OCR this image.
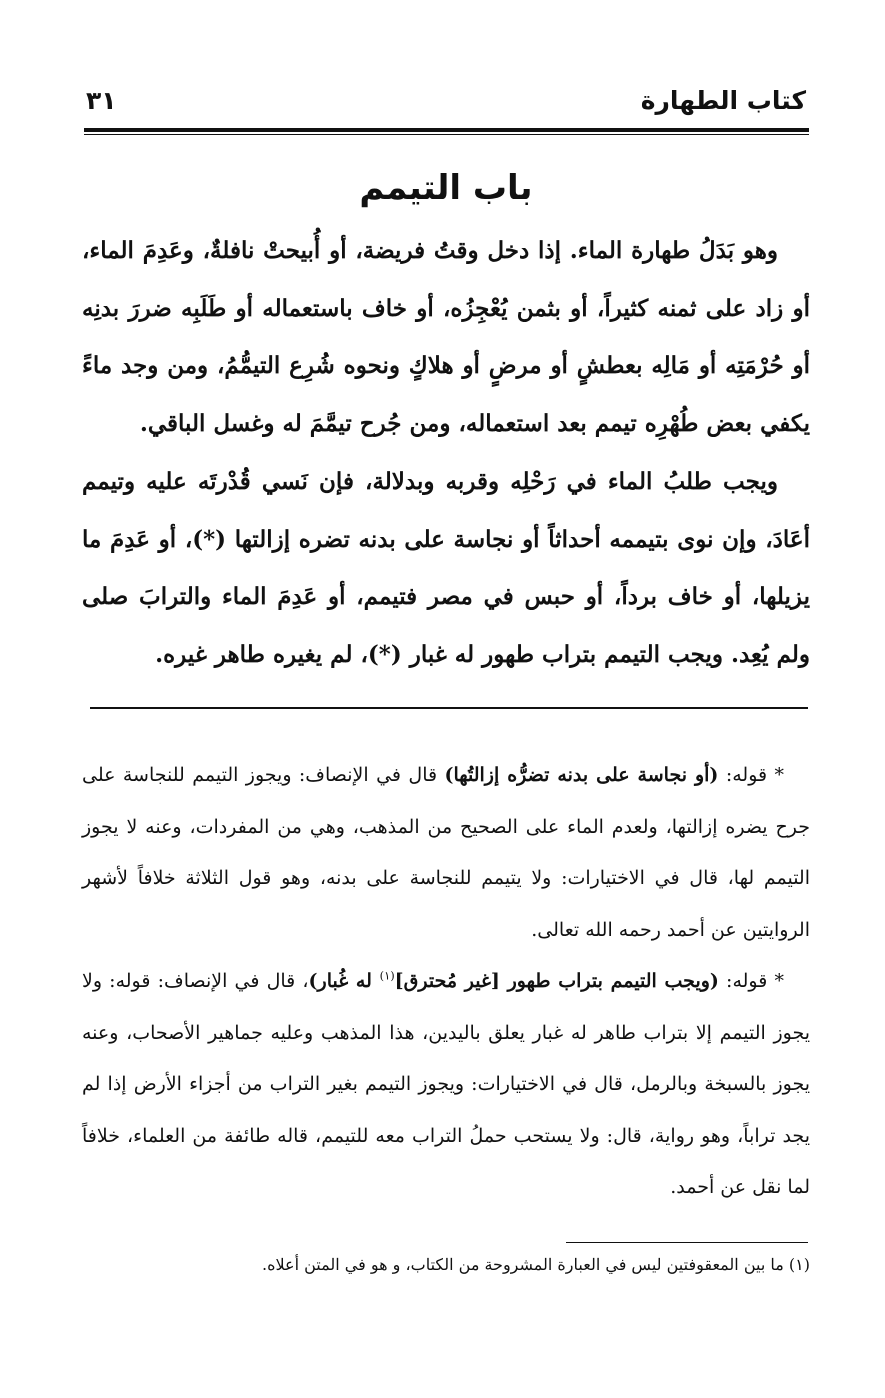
كتاب الطهارة
٣١
باب التيمم

وهو بَدَلُ طهارة الماء. إذا دخل وقتُ فريضة، أو أُبيحتْ نافلةٌ، وعَدِمَ الماء، أو زاد على ثمنه كثيراً، أو بثمن يُعْجِزُه، أو خاف باستعماله أو طَلَبِه ضررَ بدنِه أو حُرْمَتِه أو مَالِه بعطشٍ أو مرضٍ أو هلاكٍ ونحوه شُرِع التيمُّمُ، ومن وجد ماءً يكفي بعض طُهْرِه تيمم بعد استعماله، ومن جُرح تيمَّمَ له وغسل الباقي.

ويجب طلبُ الماء في رَحْلِه وقربه وبدلالة، فإن نَسي قُدْرتَه عليه وتيمم أعَادَ، وإن نوى بتيممه أحداثاً أو نجاسة على بدنه تضره إزالتها (*)، أو عَدِمَ ما يزيلها، أو خاف برداً، أو حبس في مصر فتيمم، أو عَدِمَ الماء والترابَ صلى ولم يُعِد. ويجب التيمم بتراب طهور له غبار (*)، لم يغيره طاهر غيره.

* قوله: (أو نجاسة على بدنه تضرُّه إزالتُها) قال في الإنصاف: ويجوز التيمم للنجاسة على جرح يضره إزالتها، ولعدم الماء على الصحيح من المذهب، وهي من المفردات، وعنه لا يجوز التيمم لها، قال في الاختيارات: ولا يتيمم للنجاسة على بدنه، وهو قول الثلاثة خلافاً لأشهر الروايتين عن أحمد رحمه الله تعالى.

* قوله: (ويجب التيمم بتراب طهور [غير مُحترق]$^{(١)}$ له غُبار)، قال في الإنصاف: قوله: ولا يجوز التيمم إلا بتراب طاهر له غبار يعلق باليدين، هذا المذهب وعليه جماهير الأصحاب، وعنه يجوز بالسبخة وبالرمل، قال في الاختيارات: ويجوز التيمم بغير التراب من أجزاء الأرض إذا لم يجد تراباً، وهو رواية، قال: ولا يستحب حملُ التراب معه للتيمم، قاله طائفة من العلماء، خلافاً لما نقل عن أحمد.

(١) ما بين المعقوفتين ليس في العبارة المشروحة من الكتاب، و هو في المتن أعلاه.
